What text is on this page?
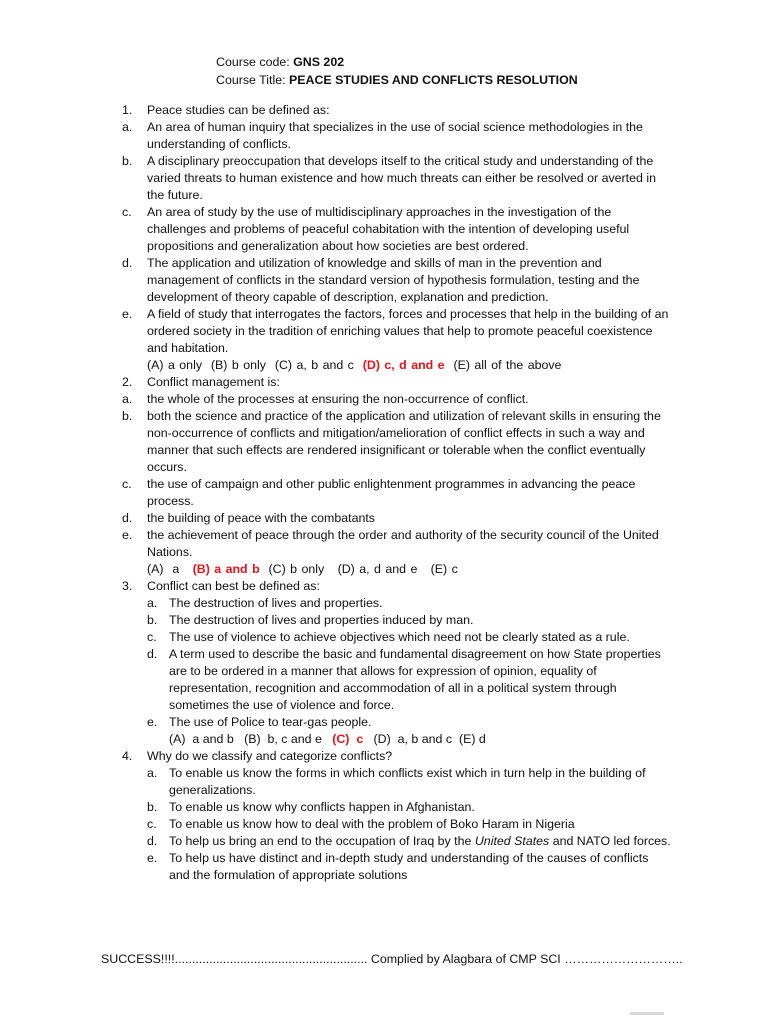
Course code: GNS 202
Course Title: PEACE STUDIES AND CONFLICTS RESOLUTION
1.	Peace studies can be defined as:
a.	An area of human inquiry that specializes in the use of social science methodologies in the understanding of conflicts.
b.	A disciplinary preoccupation that develops itself to the critical study and understanding of the varied threats to human existence and how much threats can either be resolved or averted in the future.
c.	An area of study by the use of multidisciplinary approaches in the investigation of the challenges and problems of peaceful cohabitation with the intention of developing useful propositions and generalization about how societies are best ordered.
d.	The application and utilization of knowledge and skills of man in the prevention and management of conflicts in the standard version of hypothesis formulation, testing and the development of theory capable of description, explanation and prediction.
e.	A field of study that interrogates the factors, forces and processes that help in the building of an ordered society in the tradition of enriching values that help to promote peaceful coexistence and habitation.
(A) a only  (B) b only  (C) a, b and c  (D) c, d and e  (E) all of the above
2.	Conflict management is:
a.	the whole of the processes at ensuring the non-occurrence of conflict.
b.	both the science and practice of the application and utilization of relevant skills in ensuring the non-occurrence of conflicts and mitigation/amelioration of conflict effects in such a way and manner that such effects are rendered insignificant or tolerable when the conflict eventually occurs.
c.	the use of campaign and other public enlightenment programmes in advancing the peace process.
d.	the building of peace with the combatants
e.	the achievement of peace through the order and authority of the security council of the United Nations.
(A)  a   (B) a and b  (C) b only   (D) a, d and e   (E) c
3.	Conflict can best be defined as:
a. The destruction of lives and properties.
b. The destruction of lives and properties induced by man.
c. The use of violence to achieve objectives which need not be clearly stated as a rule.
d. A term used to describe the basic and fundamental disagreement on how State properties are to be ordered in a manner that allows for expression of opinion, equality of representation, recognition and accommodation of all in a political system through sometimes the use of violence and force.
e. The use of Police to tear-gas people.
(A)  a and b   (B)  b, c and e   (C)  c   (D)  a, b and c  (E) d
4.	Why do we classify and categorize conflicts?
a. To enable us know the forms in which conflicts exist which in turn help in the building of generalizations.
b. To enable us know why conflicts happen in Afghanistan.
c. To enable us know how to deal with the problem of Boko Haram in Nigeria
d. To help us bring an end to the occupation of Iraq by the United States and NATO led forces.
e. To help us have distinct and in-depth study and understanding of the causes of conflicts and the formulation of appropriate solutions
SUCCESS!!!!........................................................ Complied by Alagbara of CMP SCI ………………………..
